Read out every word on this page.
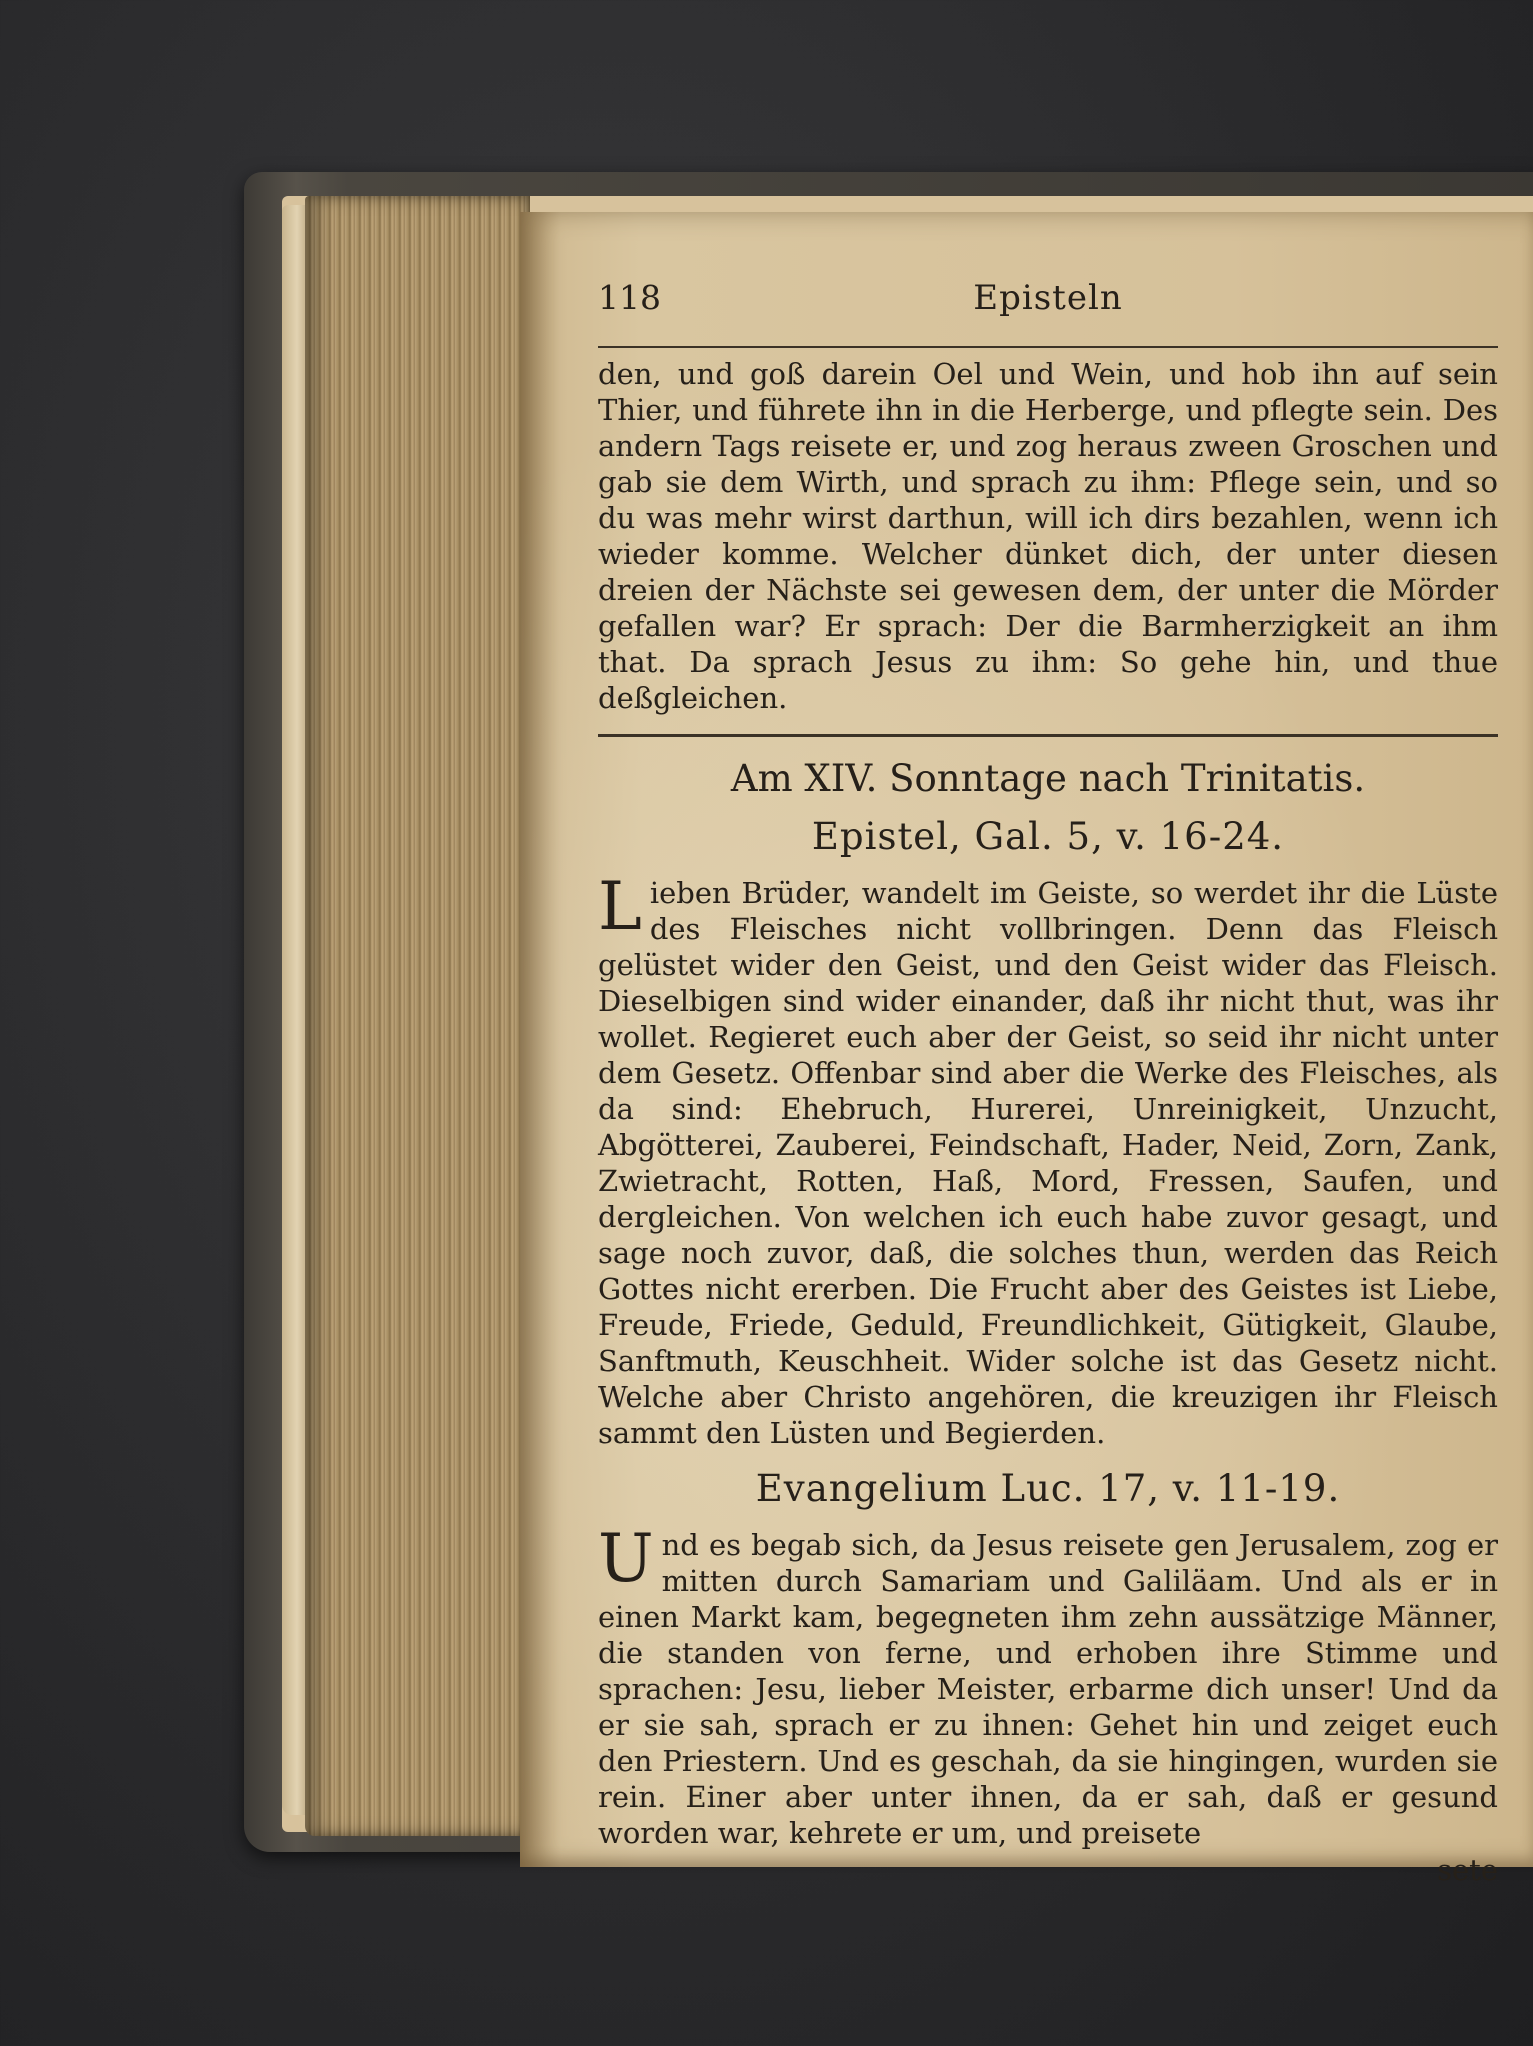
118	Episteln

den, und goß darein Oel und Wein, und hob ihn auf sein Thier, und führete ihn in die Herberge, und pflegte sein. Des andern Tags reisete er, und zog heraus zween Groschen und gab sie dem Wirth, und sprach zu ihm: Pflege sein, und so du was mehr wirst darthun, will ich dirs bezahlen, wenn ich wieder komme. Welcher dünket dich, der unter diesen dreien der Nächste sei gewesen dem, der unter die Mörder gefallen war? Er sprach: Der die Barmherzigkeit an ihm that. Da sprach Jesus zu ihm: So gehe hin, und thue deßgleichen.

Am XIV. Sonntage nach Trinitatis.
Epistel, Gal. 5, v. 16-24.

Lieben Brüder, wandelt im Geiste, so werdet ihr die Lüste des Fleisches nicht vollbringen. Denn das Fleisch gelüstet wider den Geist, und den Geist wider das Fleisch. Dieselbigen sind wider einander, daß ihr nicht thut, was ihr wollet. Regieret euch aber der Geist, so seid ihr nicht unter dem Gesetz. Offenbar sind aber die Werke des Fleisches, als da sind: Ehebruch, Hurerei, Unreinigkeit, Unzucht, Abgötterei, Zauberei, Feindschaft, Hader, Neid, Zorn, Zank, Zwietracht, Rotten, Haß, Mord, Fressen, Saufen, und dergleichen. Von welchen ich euch habe zuvor gesagt, und sage noch zuvor, daß, die solches thun, werden das Reich Gottes nicht ererben. Die Frucht aber des Geistes ist Liebe, Freude, Friede, Geduld, Freundlichkeit, Gütigkeit, Glaube, Sanftmuth, Keuschheit. Wider solche ist das Gesetz nicht. Welche aber Christo angehören, die kreuzigen ihr Fleisch sammt den Lüsten und Begierden.

Evangelium Luc. 17, v. 11-19.

Und es begab sich, da Jesus reisete gen Jerusalem, zog er mitten durch Samariam und Galiläam. Und als er in einen Markt kam, begegneten ihm zehn aussätzige Männer, die standen von ferne, und erhoben ihre Stimme und sprachen: Jesu, lieber Meister, erbarme dich unser! Und da er sie sah, sprach er zu ihnen: Gehet hin und zeiget euch den Priestern. Und es geschah, da sie hingingen, wurden sie rein. Einer aber unter ihnen, da er sah, daß er gesund worden war, kehrete er um, und preisete

sete
